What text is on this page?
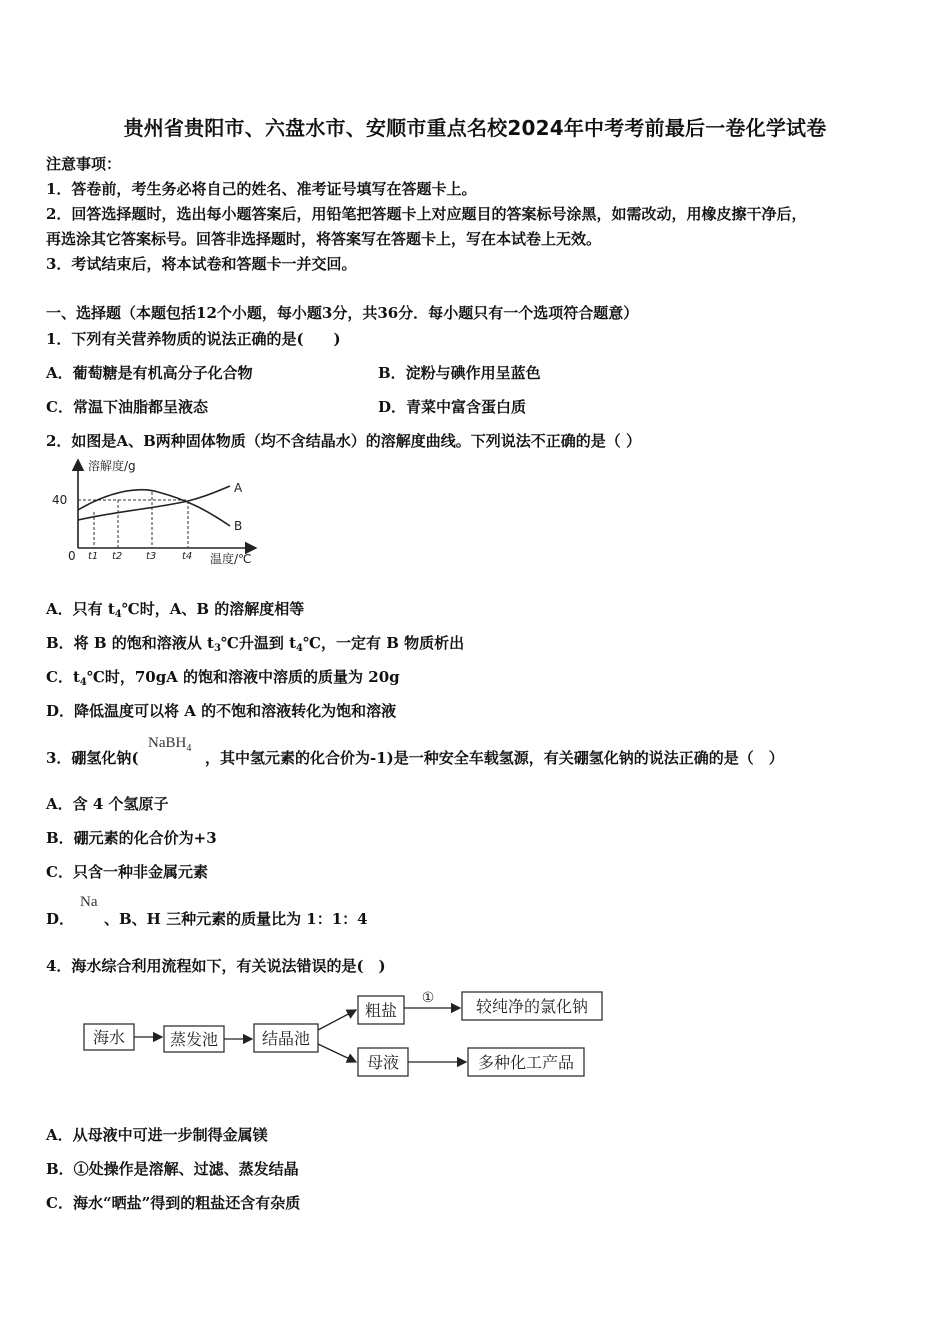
贵州省贵阳市、六盘水市、安顺市重点名校2024年中考考前最后一卷化学试卷
注意事项：
1．答卷前，考生务必将自己的姓名、准考证号填写在答题卡上。
2．回答选择题时，选出每小题答案后，用铅笔把答题卡上对应题目的答案标号涂黑，如需改动，用橡皮擦干净后，
再选涂其它答案标号。回答非选择题时，将答案写在答题卡上，写在本试卷上无效。
3．考试结束后，将本试卷和答题卡一并交回。
一、选择题（本题包括12个小题，每小题3分，共36分．每小题只有一个选项符合题意）
1．下列有关营养物质的说法正确的是(　　)
A．葡萄糖是有机高分子化合物	B．淀粉与碘作用呈蓝色
C．常温下油脂都呈液态	D．青菜中富含蛋白质
2．如图是A、B两种固体物质（均不含结晶水）的溶解度曲线。下列说法不正确的是（ ）
溶解度/g
温度/℃
40
0
A
B
t1 t2 t3	t4
A．只有 $t_4℃$时，A、B 的溶解度相等
B．将 B 的饱和溶液从 $t_3℃$升温到 $t_4℃$，一定有 B 物质析出
C．$t_4℃$时，70gA 的饱和溶液中溶质的质量为 20g
D．降低温度可以将 A 的不饱和溶液转化为饱和溶液
3．硼氢化钠(
NaBH$_4$
，其中氢元素的化合价为-1)是一种安全车载氢源，有关硼氢化钠的说法正确的是（　）
A．含 4 个氢原子
B．硼元素的化合价为+3
C．只含一种非金属元素
D．
Na
、B、H 三种元素的质量比为 1：1：4
4．海水综合利用流程如下，有关说法错误的是(　)
海水	蒸发池	结晶池
粗盐
①	较纯净的氯化钠
母液	多种化工产品
A．从母液中可进一步制得金属镁
B．①处操作是溶解、过滤、蒸发结晶
C．海水“晒盐”得到的粗盐还含有杂质
